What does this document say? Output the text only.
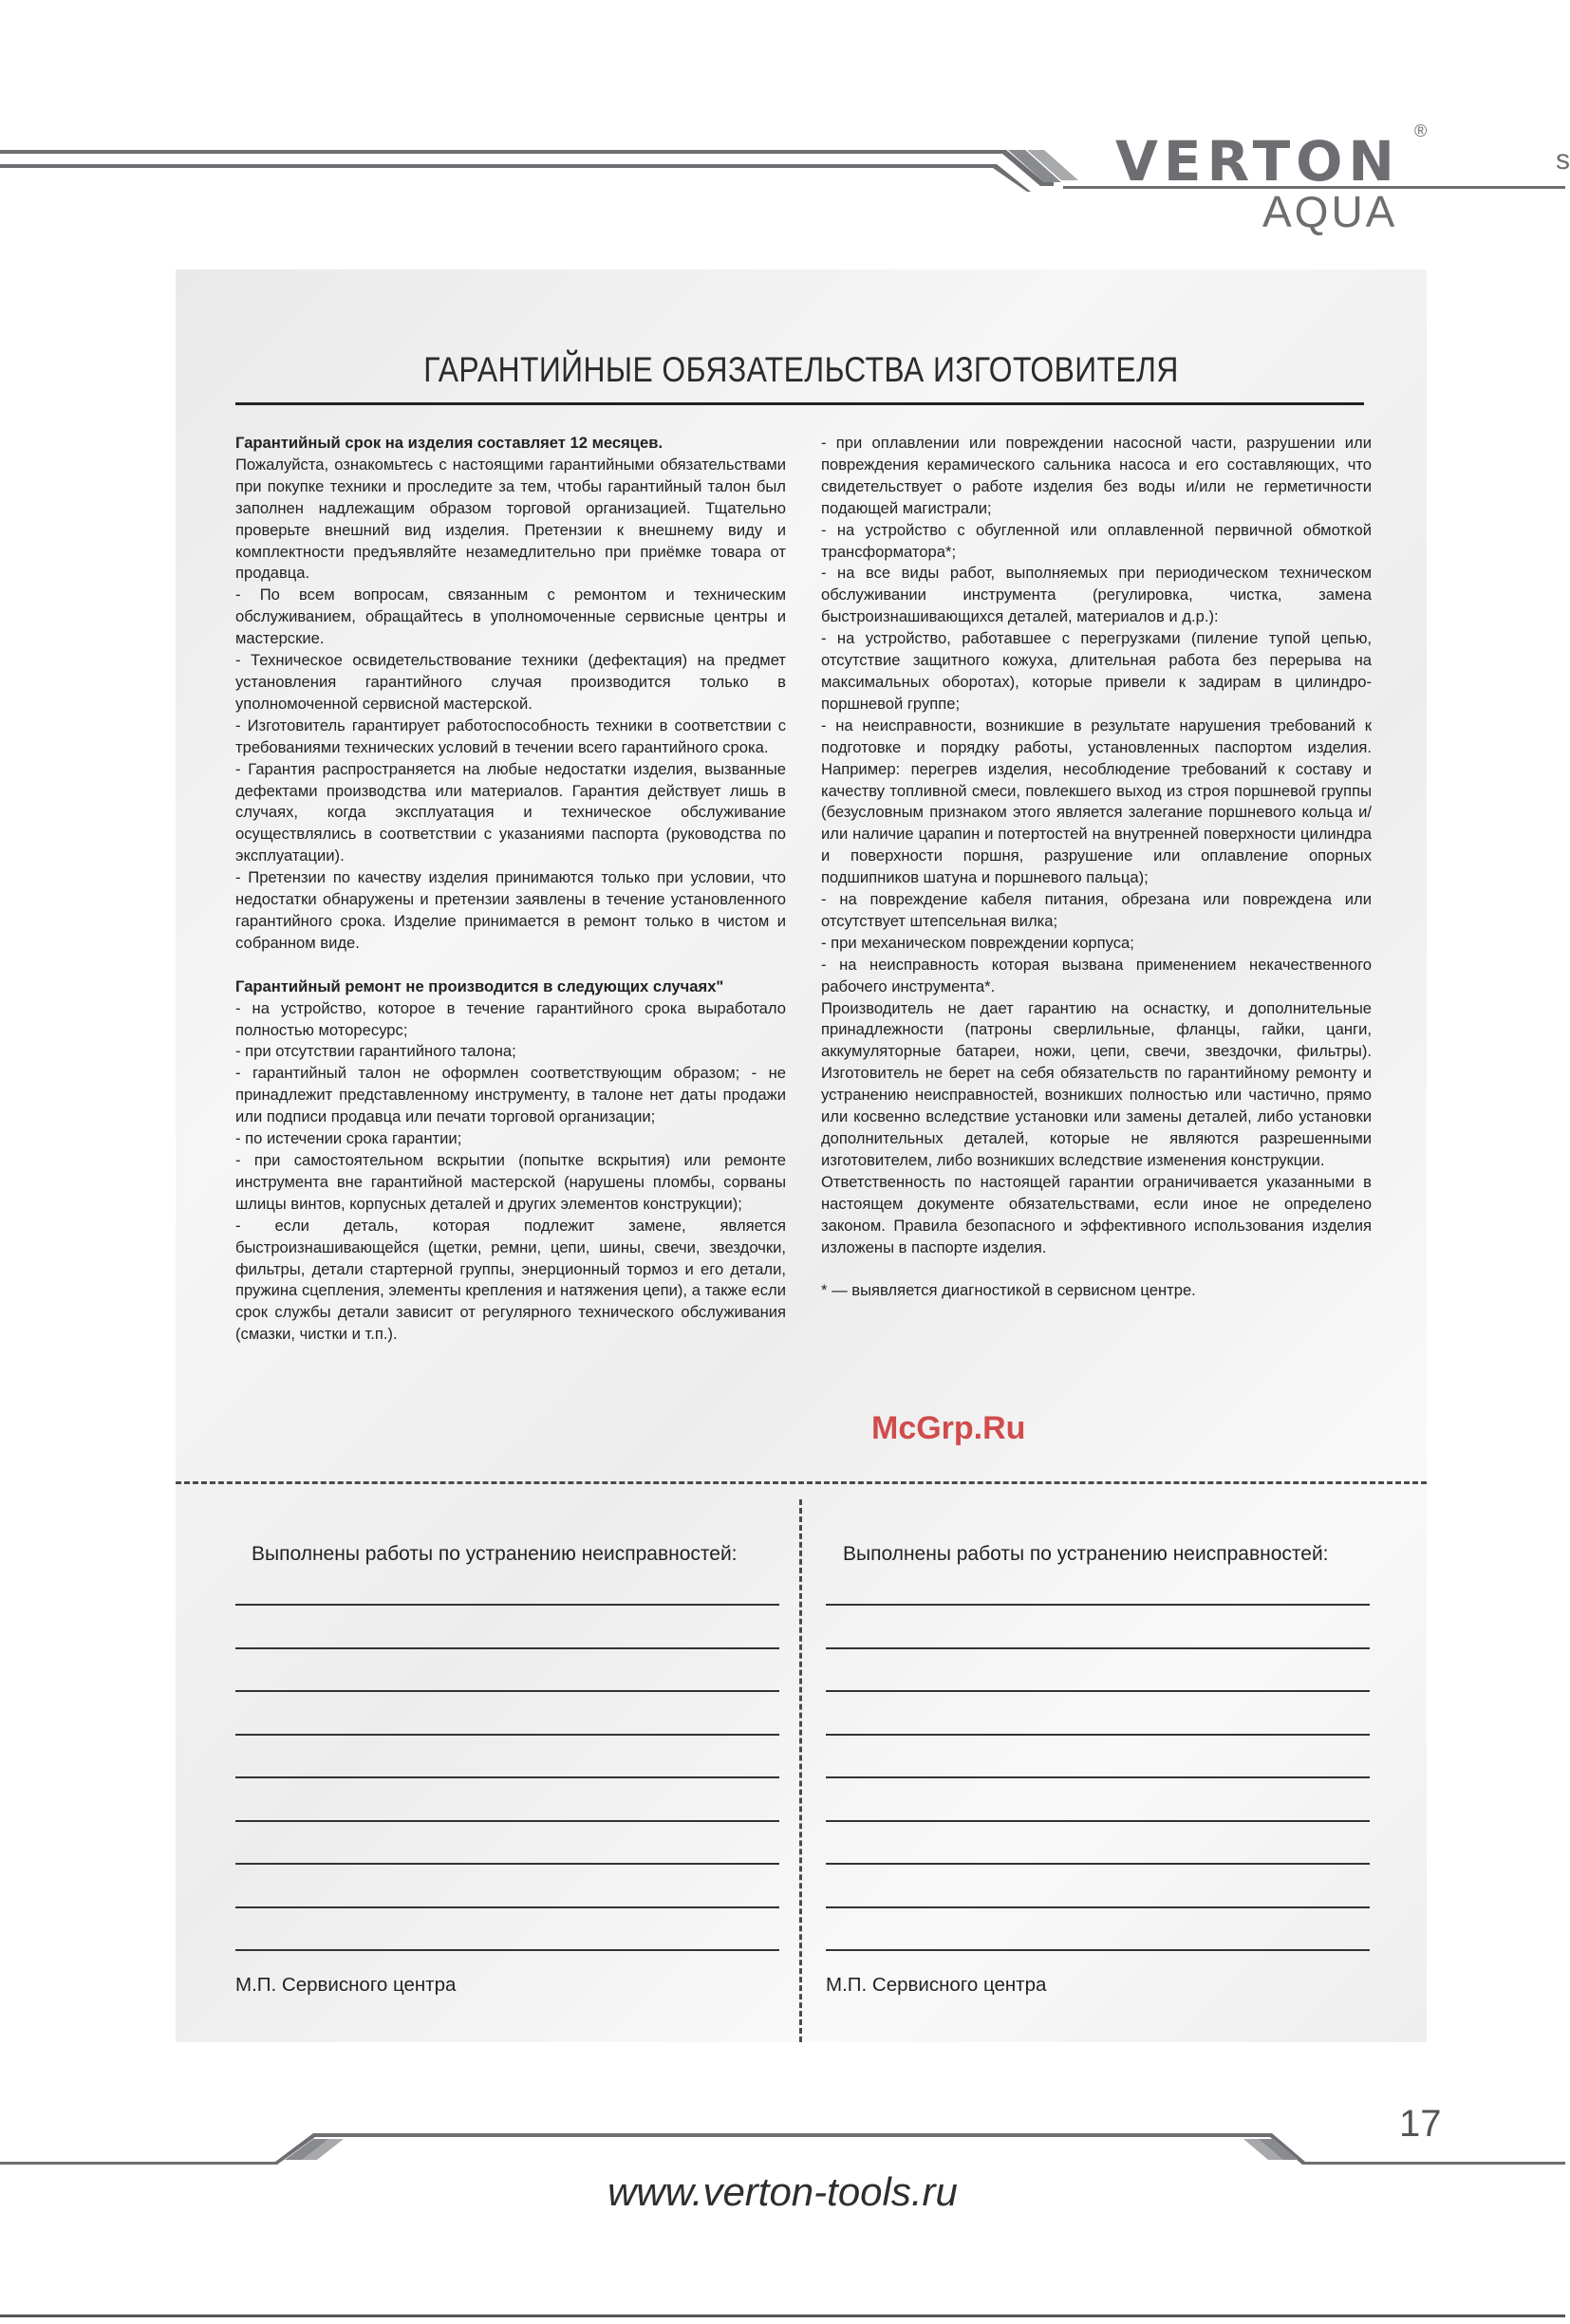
VERTON ®
AQUA
s
ГАРАНТИЙНЫЕ ОБЯЗАТЕЛЬСТВА ИЗГОТОВИТЕЛЯ

Гарантийный срок на изделия составляет 12 месяцев.

Пожалуйста, ознакомьтесь с настоящими гарантийными обязательствами при покупке техники и проследите за тем, чтобы гарантийный талон был заполнен надлежащим образом торговой организацией. Тщательно проверьте внешний вид изделия. Претензии к внешнему виду и комплектности предъявляйте незамедлительно при приёмке товара от продавца.

- По всем вопросам, связанным с ремонтом и техническим обслуживанием, обращайтесь в уполномоченные сервисные центры и мастерские.

- Техническое освидетельствование техники (дефектация) на предмет установления гарантийного случая производится только в уполномоченной сервисной мастерской.

- Изготовитель гарантирует работоспособность техники в соответствии с требованиями технических условий в течении всего гарантийного срока.

- Гарантия распространяется на любые недостатки изделия, вызванные дефектами производства или материалов. Гарантия действует лишь в случаях, когда эксплуатация и техническое обслуживание осуществлялись в соответствии с указаниями паспорта (руководства по эксплуатации).

- Претензии по качеству изделия принимаются только при условии, что недостатки обнаружены и претензии заявлены в течение установленного гарантийного срока. Изделие принимается в ремонт только в чистом и собранном виде.

Гарантийный ремонт не производится в следующих случаях"

- на устройство, которое в течение гарантийного срока выработало полностью моторесурс;

- при отсутствии гарантийного талона;

- гарантийный талон не оформлен соответствующим образом; - не принадлежит представленному инструменту, в талоне нет даты продажи или подписи продавца или печати торговой организации;

- по истечении срока гарантии;

- при самостоятельном вскрытии (попытке вскрытия) или ремонте инструмента вне гарантийной мастерской (нарушены пломбы, сорваны шлицы винтов, корпусных деталей и других элементов конструкции);

- если деталь, которая подлежит замене, является быстроизнашивающейся (щетки, ремни, цепи, шины, свечи, звездочки, фильтры, детали стартерной группы, энерционный тормоз и его детали, пружина сцепления, элементы крепления и натяжения цепи), а также если срок службы детали зависит от регулярного технического обслуживания (смазки, чистки и т.п.).

- при оплавлении или повреждении насосной части, разрушении или повреждения керамического сальника насоса и его составляющих, что свидетельствует о работе изделия без воды и/или не герметичности подающей магистрали;

- на устройство с обугленной или оплавленной первичной обмоткой трансформатора*;

- на все виды работ, выполняемых при периодическом техническом обслуживании инструмента (регулировка, чистка, замена быстроизнашивающихся деталей, материалов и д.р.):

- на устройство, работавшее с перегрузками (пиление тупой цепью, отсутствие защитного кожуха, длительная работа без перерыва на максимальных оборотах), которые привели к задирам в цилиндро-поршневой группе;

- на неисправности, возникшие в результате нарушения требований к подготовке и порядку работы, установленных паспортом изделия. Например: перегрев изделия, несоблюдение требований к составу и качеству топливной смеси, повлекшего выход из строя поршневой группы (безусловным признаком этого является залегание поршневого кольца и/или наличие царапин и потертостей на внутренней поверхности цилиндра и поверхности поршня, разрушение или оплавление опорных подшипников шатуна и поршневого пальца);

- на повреждение кабеля питания, обрезана или повреждена или отсутствует штепсельная вилка;

- при механическом повреждении корпуса;

- на неисправность которая вызвана применением некачественного рабочего инструмента*.

Производитель не дает гарантию на оснастку, и дополнительные принадлежности (патроны сверлильные, фланцы, гайки, цанги, аккумуляторные батареи, ножи, цепи, свечи, звездочки, фильтры). Изготовитель не берет на себя обязательств по гарантийному ремонту и устранению неисправностей, возникших полностью или частично, прямо или косвенно вследствие установки или замены деталей, либо установки дополнительных деталей, которые не являются разрешенными изготовителем, либо возникших вследствие изменения конструкции.

Ответственность по настоящей гарантии ограничивается указанными в настоящем документе обязательствами, если иное не определено законом. Правила безопасного и эффективного использования изделия изложены в паспорте изделия.

* — выявляется диагностикой в сервисном центре.

McGrp.Ru
Выполнены работы по устранению неисправностей:	Выполнены работы по устранению неисправностей:
М.П. Сервисного центра	М.П. Сервисного центра
17
www.verton-tools.ru
